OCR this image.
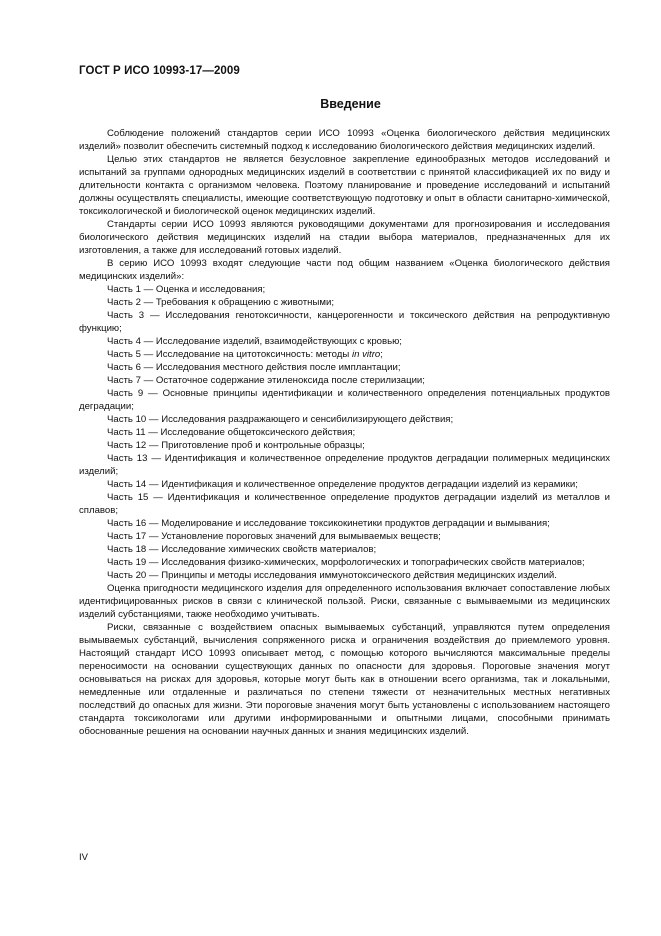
ГОСТ Р ИСО 10993-17—2009
Введение

Соблюдение положений стандартов серии ИСО 10993 «Оценка биологического действия медицинских изделий» позволит обеспечить системный подход к исследованию биологического действия медицинских изделий.

Целью этих стандартов не является безусловное закрепление единообразных методов исследований и испытаний за группами однородных медицинских изделий в соответствии с принятой классификацией их по виду и длительности контакта с организмом человека. Поэтому планирование и проведение исследований и испытаний должны осуществлять специалисты, имеющие соответствующую подготовку и опыт в области санитарно-химической, токсикологической и биологической оценок медицинских изделий.

Стандарты серии ИСО 10993 являются руководящими документами для прогнозирования и исследования биологического действия медицинских изделий на стадии выбора материалов, предназначенных для их изготовления, а также для исследований готовых изделий.

В серию ИСО 10993 входят следующие части под общим названием «Оценка биологического действия медицинских изделий»:

Часть 1 — Оценка и исследования;

Часть 2 — Требования к обращению с животными;

Часть 3 — Исследования генотоксичности, канцерогенности и токсического действия на репродуктивную функцию;

Часть 4 — Исследование изделий, взаимодействующих с кровью;

Часть 5 — Исследование на цитотоксичность: методы in vitro;

Часть 6 — Исследования местного действия после имплантации;

Часть 7 — Остаточное содержание этиленоксида после стерилизации;

Часть 9 — Основные принципы идентификации и количественного определения потенциальных продуктов деградации;

Часть 10 — Исследования раздражающего и сенсибилизирующего действия;

Часть 11 — Исследование общетоксического действия;

Часть 12 — Приготовление проб и контрольные образцы;

Часть 13 — Идентификация и количественное определение продуктов деградации полимерных медицинских изделий;

Часть 14 — Идентификация и количественное определение продуктов деградации изделий из керамики;

Часть 15 — Идентификация и количественное определение продуктов деградации изделий из металлов и сплавов;

Часть 16 — Моделирование и исследование токсикокинетики продуктов деградации и вымывания;

Часть 17 — Установление пороговых значений для вымываемых веществ;

Часть 18 — Исследование химических свойств материалов;

Часть 19 — Исследования физико-химических, морфологических и топографических свойств материалов;

Часть 20 — Принципы и методы исследования иммунотоксического действия медицинских изделий.

Оценка пригодности медицинского изделия для определенного использования включает сопоставление любых идентифицированных рисков в связи с клинической пользой. Риски, связанные с вымываемыми из медицинских изделий субстанциями, также необходимо учитывать.

Риски, связанные с воздействием опасных вымываемых субстанций, управляются путем определения вымываемых субстанций, вычисления сопряженного риска и ограничения воздействия до приемлемого уровня. Настоящий стандарт ИСО 10993 описывает метод, с помощью которого вычисляются максимальные пределы переносимости на основании существующих данных по опасности для здоровья. Пороговые значения могут основываться на рисках для здоровья, которые могут быть как в отношении всего организма, так и локальными, немедленные или отдаленные и различаться по степени тяжести от незначительных местных негативных последствий до опасных для жизни. Эти пороговые значения могут быть установлены с использованием настоящего стандарта токсикологами или другими информированными и опытными лицами, способными принимать обоснованные решения на основании научных данных и знания медицинских изделий.

IV
